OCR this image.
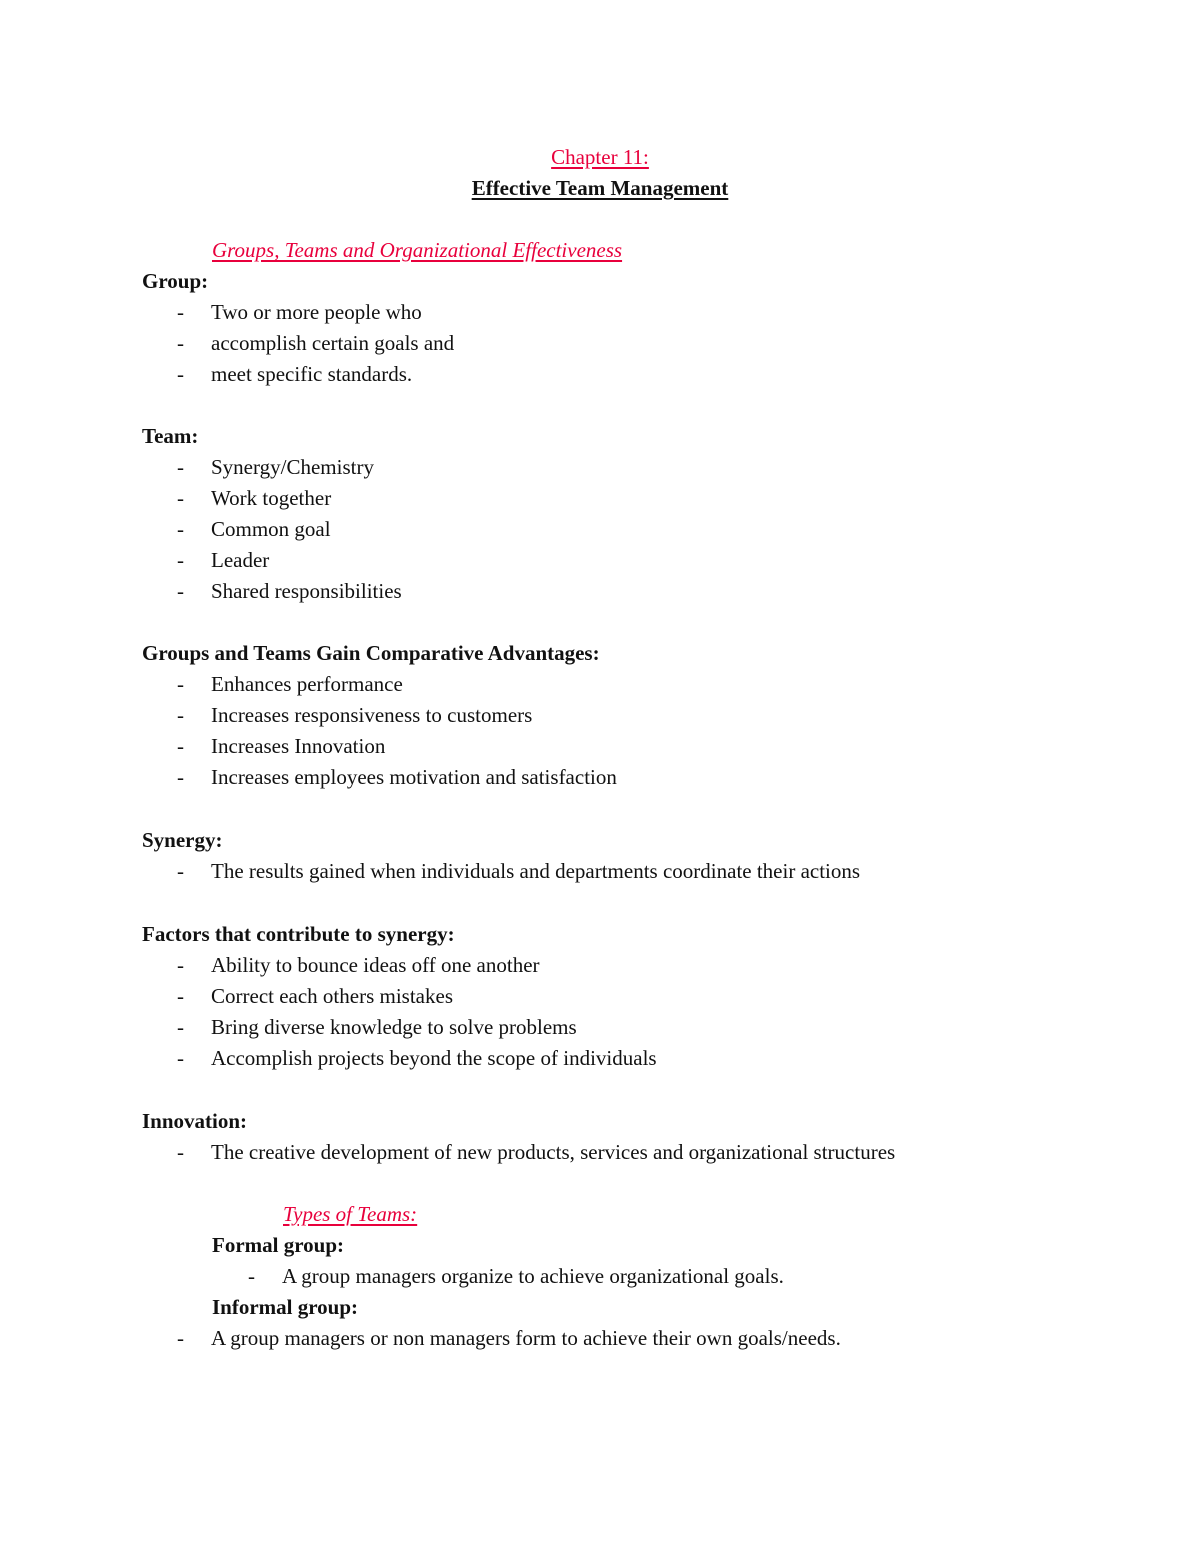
Chapter 11:
Effective Team Management
Groups, Teams and Organizational Effectiveness
Group:
- Two or more people who
- accomplish certain goals and
- meet specific standards.
Team:
- Synergy/Chemistry
- Work together
- Common goal
- Leader
- Shared responsibilities
Groups and Teams Gain Comparative Advantages:
- Enhances performance
- Increases responsiveness to customers
- Increases Innovation
- Increases employees motivation and satisfaction
Synergy:
- The results gained when individuals and departments coordinate their actions
Factors that contribute to synergy:
- Ability to bounce ideas off one another
- Correct each others mistakes
- Bring diverse knowledge to solve problems
- Accomplish projects beyond the scope of individuals
Innovation:
- The creative development of new products, services and organizational structures
Types of Teams:
Formal group:
- A group managers organize to achieve organizational goals.
Informal group:
- A group managers or non managers form to achieve their own goals/needs.
